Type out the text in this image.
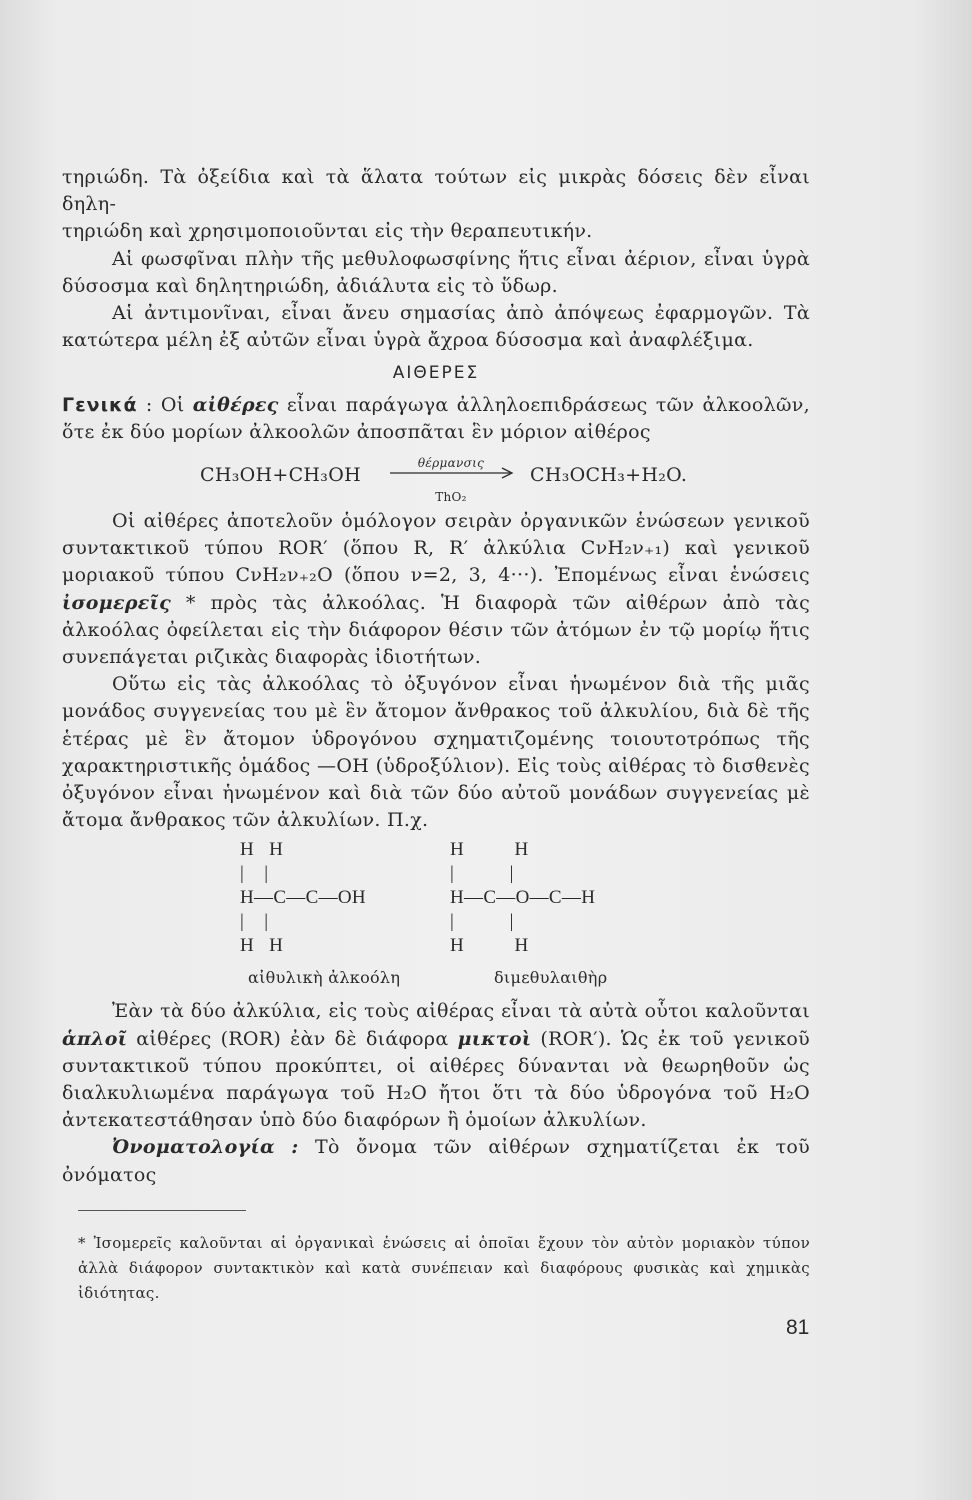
τηριώδη. Τὰ ὀξείδια καὶ τὰ ἅλατα τούτων εἰς μικρὰς δόσεις δὲν εἶναι δηλη-

τηριώδη καὶ χρησιμοποιοῦνται εἰς τὴν θεραπευτικήν.

Αἱ φωσφῖναι πλὴν τῆς μεθυλοφωσφίνης ἥτις εἶναι ἀέριον, εἶναι ὑγρὰ δύσοσμα καὶ δηλητηριώδη, ἀδιάλυτα εἰς τὸ ὕδωρ.

Αἱ ἀντιμονῖναι, εἶναι ἄνευ σημασίας ἀπὸ ἀπόψεως ἐφαρμογῶν. Τὰ κατώτερα μέλη ἐξ αὐτῶν εἶναι ὑγρὰ ἄχροα δύσοσμα καὶ ἀναφλέξιμα.

ΑΙΘΕΡΕΣ

Γενικά : Οἱ αἰθέρες εἶναι παράγωγα ἀλληλοεπιδράσεως τῶν ἀλκοολῶν, ὅτε ἐκ δύο μορίων ἀλκοολῶν ἀποσπᾶται ἓν μόριον αἰθέρος

CH₃OH+CH₃OH
θέρμανσις
ThO₂
CH₃OCH₃+H₂O.

Οἱ αἰθέρες ἀποτελοῦν ὁμόλογον σειρὰν ὀργανικῶν ἑνώσεων γενικοῦ συντακτικοῦ τύπου ROR′ (ὅπου R, R′ ἀλκύλια CνH₂ν₊₁) καὶ γενικοῦ μοριακοῦ τύπου CνH₂ν₊₂O (ὅπου ν=2, 3, 4···). Ἐπομένως εἶναι ἑνώσεις ἰσομερεῖς * πρὸς τὰς ἀλκοόλας. Ἡ διαφορὰ τῶν αἰθέρων ἀπὸ τὰς ἀλκοόλας ὀφείλεται εἰς τὴν διάφορον θέσιν τῶν ἀτόμων ἐν τῷ μορίῳ ἥτις συνεπάγεται ριζικὰς διαφορὰς ἰδιοτήτων.

Οὕτω εἰς τὰς ἀλκοόλας τὸ ὀξυγόνον εἶναι ἡνωμένον διὰ τῆς μιᾶς μονάδος συγγενείας του μὲ ἓν ἄτομον ἄνθρακος τοῦ ἀλκυλίου, διὰ δὲ τῆς ἑτέρας μὲ ἓν ἄτομον ὑδρογόνου σχηματιζομένης τοιουτοτρόπως τῆς χαρακτηριστικῆς ὁμάδος —OH (ὑδροξύλιον). Εἰς τοὺς αἰθέρας τὸ δισθενὲς ὀξυγόνον εἶναι ἡνωμένον καὶ διὰ τῶν δύο αὐτοῦ μονάδων συγγενείας μὲ ἄτομα ἄνθρακος τῶν ἀλκυλίων. Π.χ.

H   H
|    |
H—C—C—OH
|    |
H   H
αἰθυλικὴ ἀλκοόλη
H          H
|           |
H—C—O—C—H
|           |
H          H
διμεθυλαιθὴρ

Ἐὰν τὰ δύο ἀλκύλια, εἰς τοὺς αἰθέρας εἶναι τὰ αὐτὰ οὗτοι καλοῦνται ἁπλοῖ αἰθέρες (ROR) ἐὰν δὲ διάφορα μικτοὶ (ROR′). Ὡς ἐκ τοῦ γενικοῦ συντακτικοῦ τύπου προκύπτει, οἱ αἰθέρες δύνανται νὰ θεωρηθοῦν ὡς διαλκυλιωμένα παράγωγα τοῦ H₂O ἤτοι ὅτι τὰ δύο ὑδρογόνα τοῦ H₂O ἀντεκατεστάθησαν ὑπὸ δύο διαφόρων ἢ ὁμοίων ἀλκυλίων.

Ὀνοματολογία : Τὸ ὄνομα τῶν αἰθέρων σχηματίζεται ἐκ τοῦ ὀνόματος

* Ἰσομερεῖς καλοῦνται αἱ ὀργανικαὶ ἑνώσεις αἱ ὁποῖαι ἔχουν τὸν αὐτὸν μοριακὸν τύπον ἀλλὰ διάφορον συντακτικὸν καὶ κατὰ συνέπειαν καὶ διαφόρους φυσικὰς καὶ χημικὰς ἰδιότητας.

81
